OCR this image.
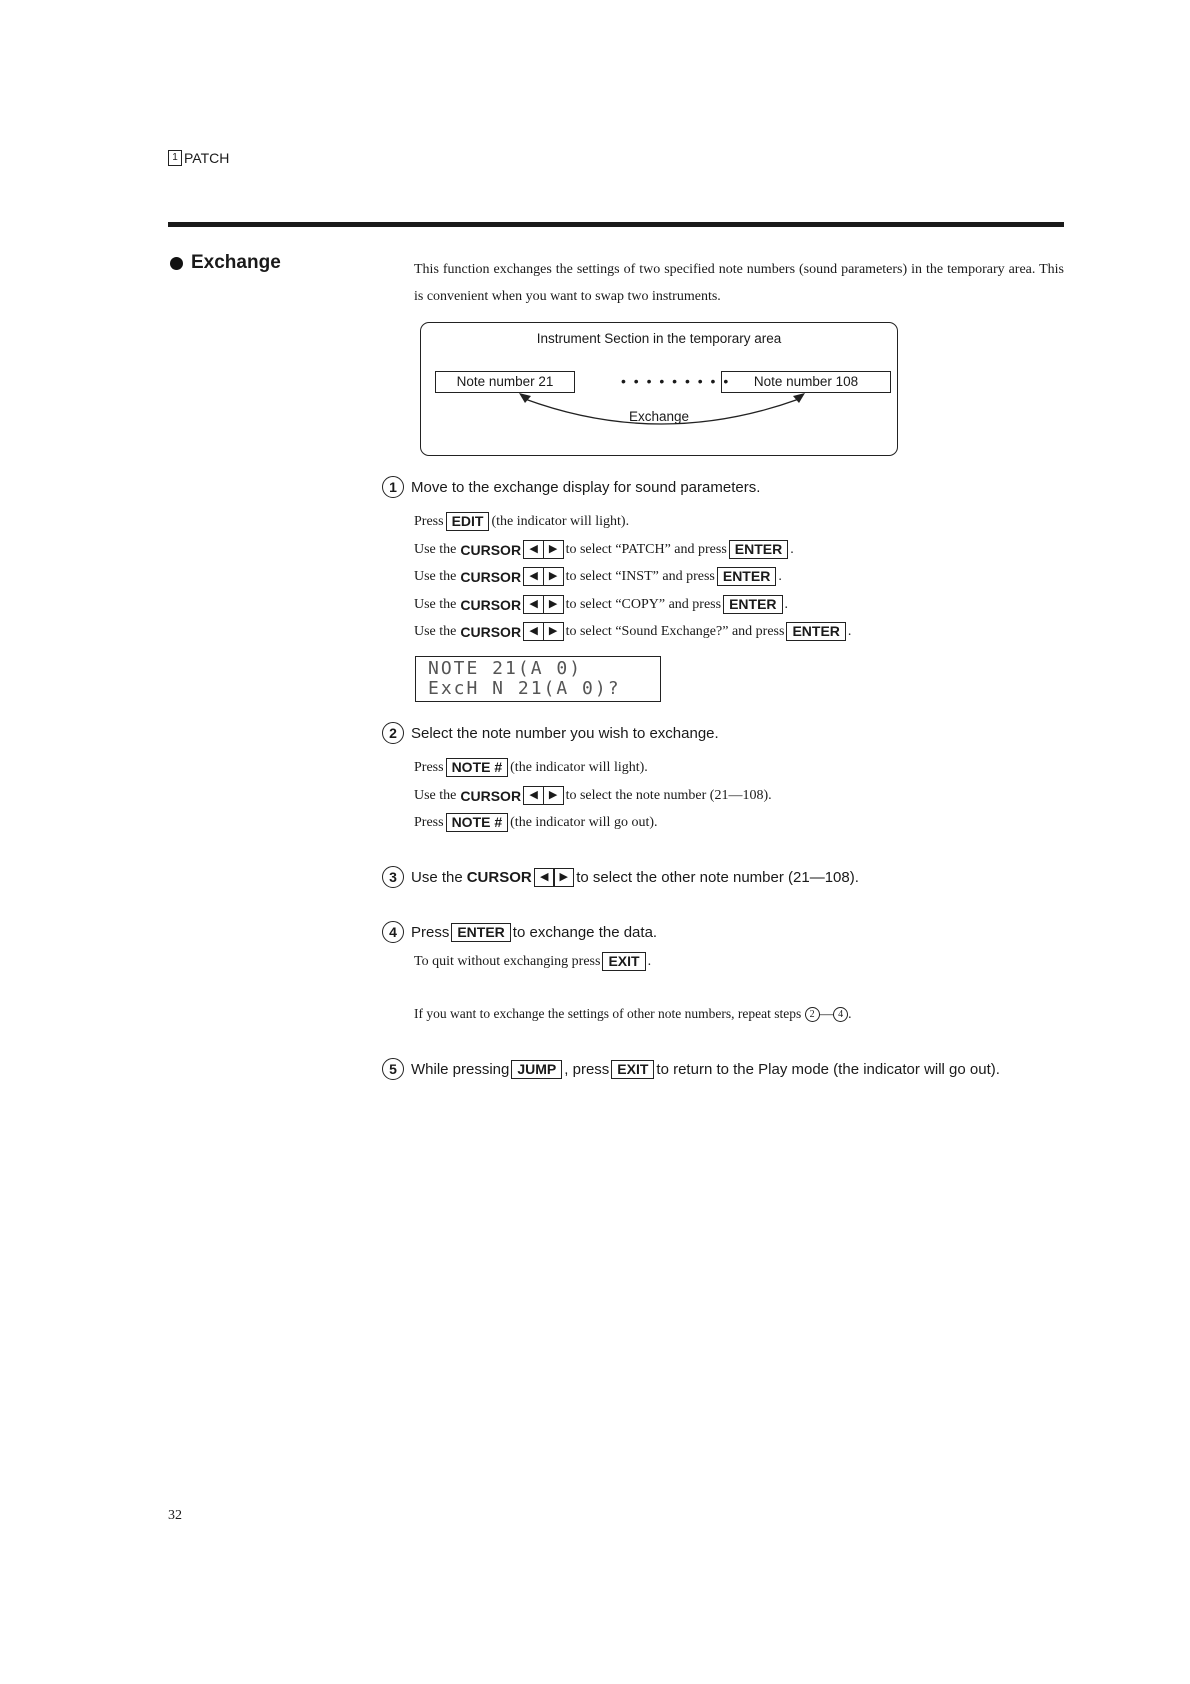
1 PATCH
Exchange	This function exchanges the settings of two specified note numbers (sound parameters) in the temporary area. This is convenient when you want to swap two instruments.
Instrument Section in the temporary area
Note number 21	• • • • • • • • •	Note number 108
Exchange
1 Move to the exchange display for sound parameters.
Press EDIT (the indicator will light).
Use the CURSOR ◀	▶ to select “PATCH” and press ENTER .
Use the CURSOR ◀	▶ to select “INST” and press ENTER .
Use the CURSOR ◀	▶ to select “COPY” and press ENTER .
Use the CURSOR ◀	▶ to select “Sound Exchange?” and press ENTER .
NOTE 21(A 0)
ExcH N 21(A 0)?
2 Select the note number you wish to exchange.
Press NOTE # (the indicator will light).
Use the CURSOR ◀	▶ to select the note number (21—108).
Press NOTE # (the indicator will go out).
3 Use the CURSOR ◀	▶ to select the other note number (21—108).
4 Press ENTER to exchange the data.
To quit without exchanging press EXIT .
If you want to exchange the settings of other note numbers, repeat steps 2 — 4 .
5 While pressing JUMP , press EXIT to return to the Play mode (the indicator will go out).
32
